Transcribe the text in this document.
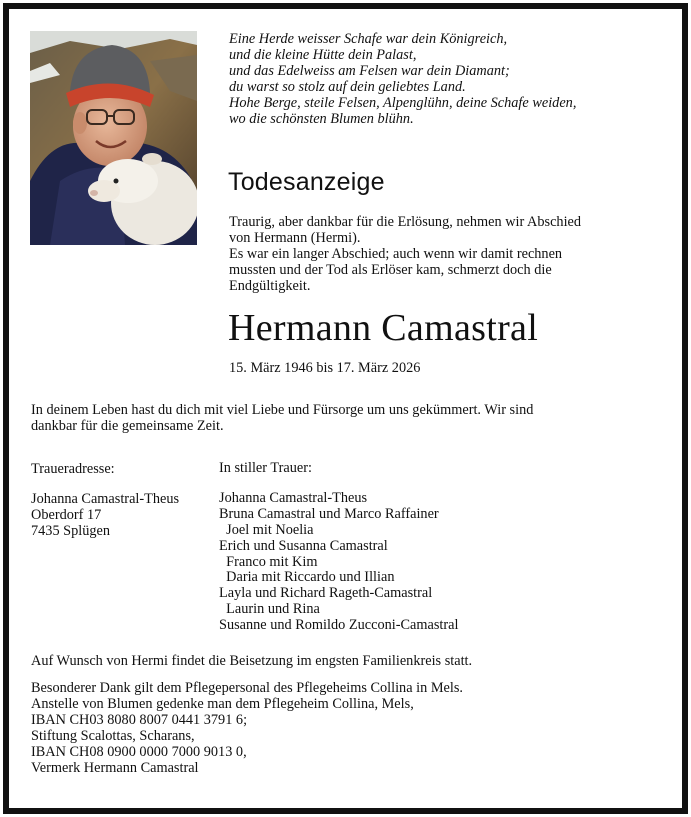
Eine Herde weisser Schafe war dein Königreich,
und die kleine Hütte dein Palast,
und das Edelweiss am Felsen war dein Diamant;
du warst so stolz auf dein geliebtes Land.
Hohe Berge, steile Felsen, Alpenglühn, deine Schafe weiden,
wo die schönsten Blumen blühn.
Todesanzeige
Traurig, aber dankbar für die Erlösung, nehmen wir Abschied
von Hermann (Hermi).
Es war ein langer Abschied; auch wenn wir damit rechnen
mussten und der Tod als Erlöser kam, schmerzt doch die
Endgültigkeit.
Hermann Camastral
15. März 1946 bis 17. März 2026
In deinem Leben hast du dich mit viel Liebe und Fürsorge um uns gekümmert. Wir sind
dankbar für die gemeinsame Zeit.
Traueradresse:
Johanna Camastral-Theus
Oberdorf 17
7435 Splügen
In stiller Trauer:
Johanna Camastral-Theus
Bruna Camastral und Marco Raffainer
Joel mit Noelia
Erich und Susanna Camastral
Franco mit Kim
Daria mit Riccardo und Illian
Layla und Richard Rageth-Camastral
Laurin und Rina
Susanne und Romildo Zucconi-Camastral
Auf Wunsch von Hermi findet die Beisetzung im engsten Familienkreis statt.
Besonderer Dank gilt dem Pflegepersonal des Pflegeheims Collina in Mels.
Anstelle von Blumen gedenke man dem Pflegeheim Collina, Mels,
IBAN CH03 8080 8007 0441 3791 6;
Stiftung Scalottas, Scharans,
IBAN CH08 0900 0000 7000 9013 0,
Vermerk Hermann Camastral
